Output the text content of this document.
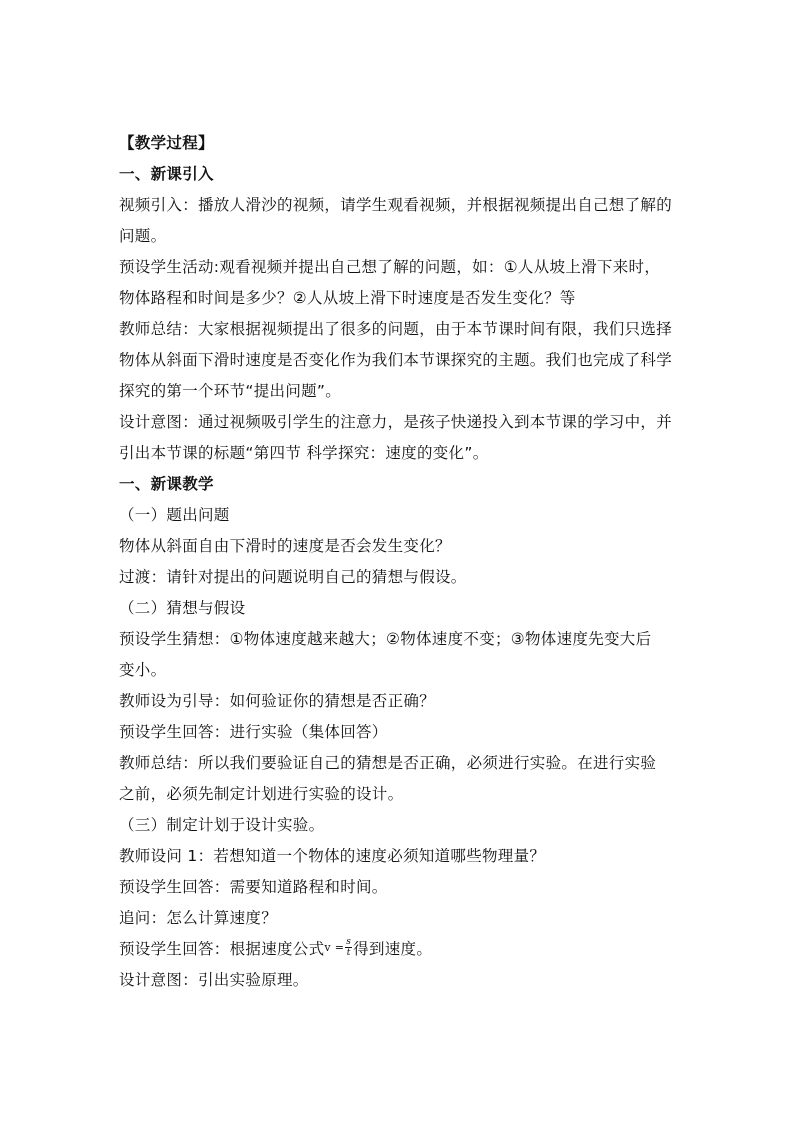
【教学过程】
一、新课引入
视频引入：播放人滑沙的视频，请学生观看视频，并根据视频提出自己想了解的
问题。
预设学生活动:观看视频并提出自己想了解的问题，如：①人从坡上滑下来时，
物体路程和时间是多少？②人从坡上滑下时速度是否发生变化？等
教师总结：大家根据视频提出了很多的问题，由于本节课时间有限，我们只选择
物体从斜面下滑时速度是否变化作为我们本节课探究的主题。我们也完成了科学
探究的第一个环节“提出问题”。
设计意图：通过视频吸引学生的注意力，是孩子快递投入到本节课的学习中，并
引出本节课的标题“第四节 科学探究：速度的变化”。
一、新课教学
（一）题出问题
物体从斜面自由下滑时的速度是否会发生变化？
过渡：请针对提出的问题说明自己的猜想与假设。
（二）猜想与假设
预设学生猜想：①物体速度越来越大；②物体速度不变；③物体速度先变大后
变小。
教师设为引导：如何验证你的猜想是否正确？
预设学生回答：进行实验（集体回答）
教师总结：所以我们要验证自己的猜想是否正确，必须进行实验。在进行实验
之前，必须先制定计划进行实验的设计。
（三）制定计划于设计实验。
教师设问 1：若想知道一个物体的速度必须知道哪些物理量？
预设学生回答：需要知道路程和时间。
追问：怎么计算速度？
预设学生回答：根据速度公式$v = \frac{s}{t}$ 得到速度。
设计意图：引出实验原理。
